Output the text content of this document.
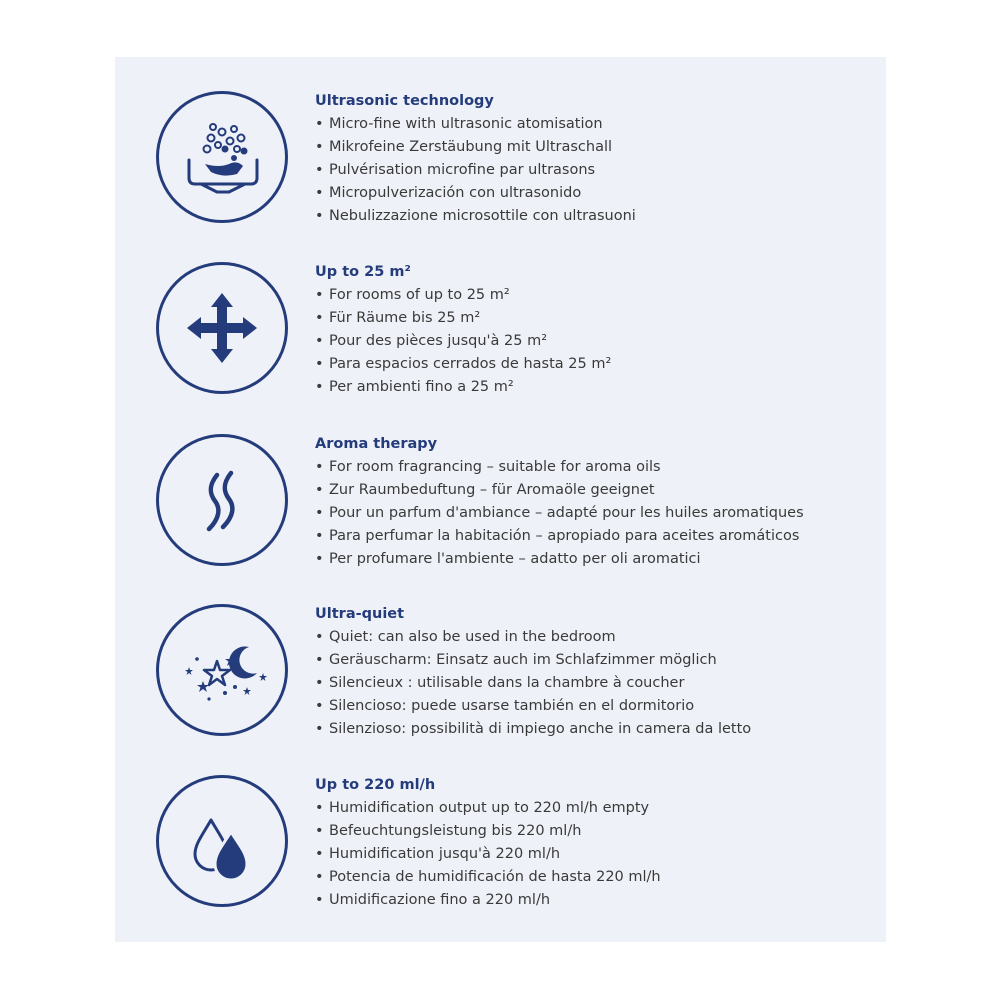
Ultrasonic technology
• Micro-fine with ultrasonic atomisation
• Mikrofeine Zerstäubung mit Ultraschall
• Pulvérisation microfine par ultrasons
• Micropulverización con ultrasonido
• Nebulizzazione microsottile con ultrasuoni
Up to 25 m²
• For rooms of up to 25 m²
• Für Räume bis 25 m²
• Pour des pièces jusqu'à 25 m²
• Para espacios cerrados de hasta 25 m²
• Per ambienti fino a 25 m²
Aroma therapy
• For room fragrancing – suitable for aroma oils
• Zur Raumbeduftung – für Aromaöle geeignet
• Pour un parfum d'ambiance – adapté pour les huiles aromatiques
• Para perfumar la habitación – apropiado para aceites aromáticos
• Per profumare l'ambiente – adatto per oli aromatici
Ultra-quiet
• Quiet: can also be used in the bedroom
• Geräuscharm: Einsatz auch im Schlafzimmer möglich
• Silencieux : utilisable dans la chambre à coucher
• Silencioso: puede usarse también en el dormitorio
• Silenzioso: possibilità di impiego anche in camera da letto
Up to 220 ml/h
• Humidification output up to 220 ml/h empty
• Befeuchtungsleistung bis 220 ml/h
• Humidification jusqu'à 220 ml/h
• Potencia de humidificación de hasta 220 ml/h
• Umidificazione fino a 220 ml/h
